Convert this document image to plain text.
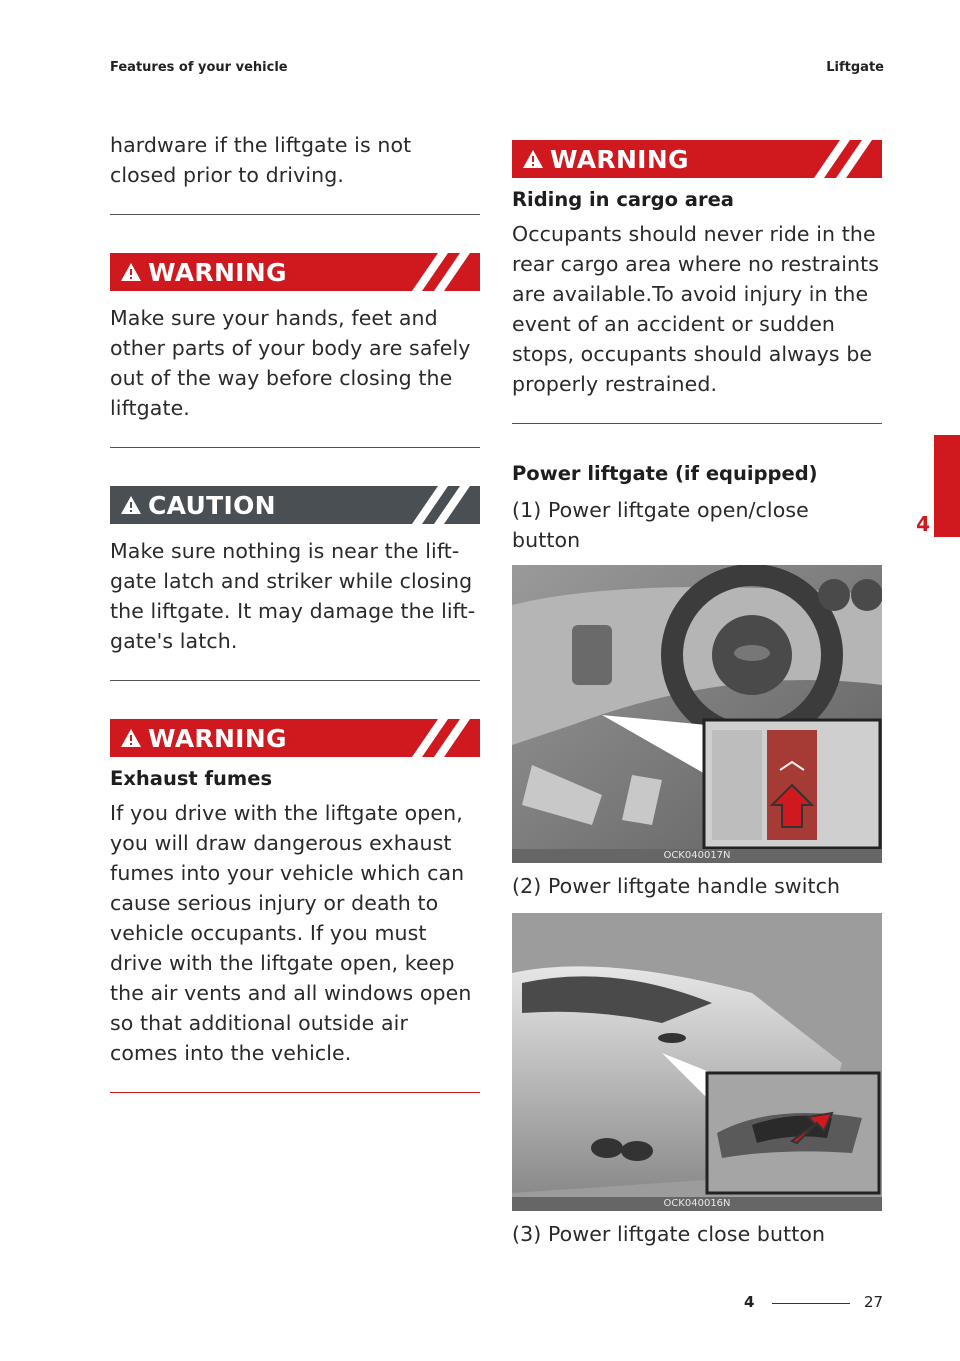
Features of your vehicle	Liftgate

hardware if the liftgate is not closed prior to driving.

WARNING

Make sure your hands, feet and other parts of your body are safely out of the way before closing the liftgate.

CAUTION

Make sure nothing is near the lift-gate latch and striker while closing the liftgate. It may damage the lift-gate's latch.

WARNING
Exhaust fumes

If you drive with the liftgate open, you will draw dangerous exhaust fumes into your vehicle which can cause serious injury or death to vehicle occupants. If you must drive with the liftgate open, keep the air vents and all windows open so that additional outside air comes into the vehicle.

WARNING
Riding in cargo area

Occupants should never ride in the rear cargo area where no restraints are available.To avoid injury in the event of an accident or sudden stops, occupants should always be properly restrained.

Power liftgate (if equipped)

(1) Power liftgate open/close button

OCK040017N

(2) Power liftgate handle switch

OCK040016N

(3) Power liftgate close button

4
4	27
